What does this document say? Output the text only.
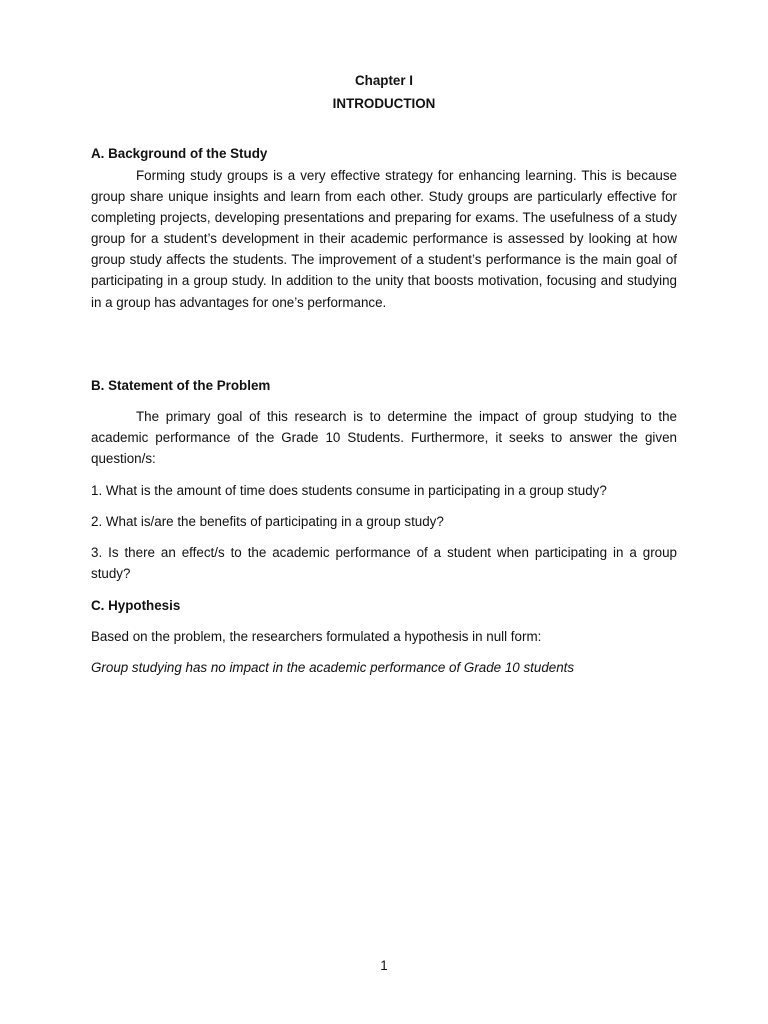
Chapter I
INTRODUCTION
A. Background of the Study
Forming study groups is a very effective strategy for enhancing learning. This is because group share unique insights and learn from each other. Study groups are particularly effective for completing projects, developing presentations and preparing for exams. The usefulness of a study group for a student’s development in their academic performance is assessed by looking at how group study affects the students. The improvement of a student’s performance is the main goal of participating in a group study. In addition to the unity that boosts motivation, focusing and studying in a group has advantages for one’s performance.
B. Statement of the Problem
The primary goal of this research is to determine the impact of group studying to the academic performance of the Grade 10 Students. Furthermore, it seeks to answer the given question/s:
1. What is the amount of time does students consume in participating in a group study?
2. What is/are the benefits of participating in a group study?
3. Is there an effect/s to the academic performance of a student when participating in a group study?
C. Hypothesis
Based on the problem, the researchers formulated a hypothesis in null form:
Group studying has no impact in the academic performance of Grade 10 students
1
